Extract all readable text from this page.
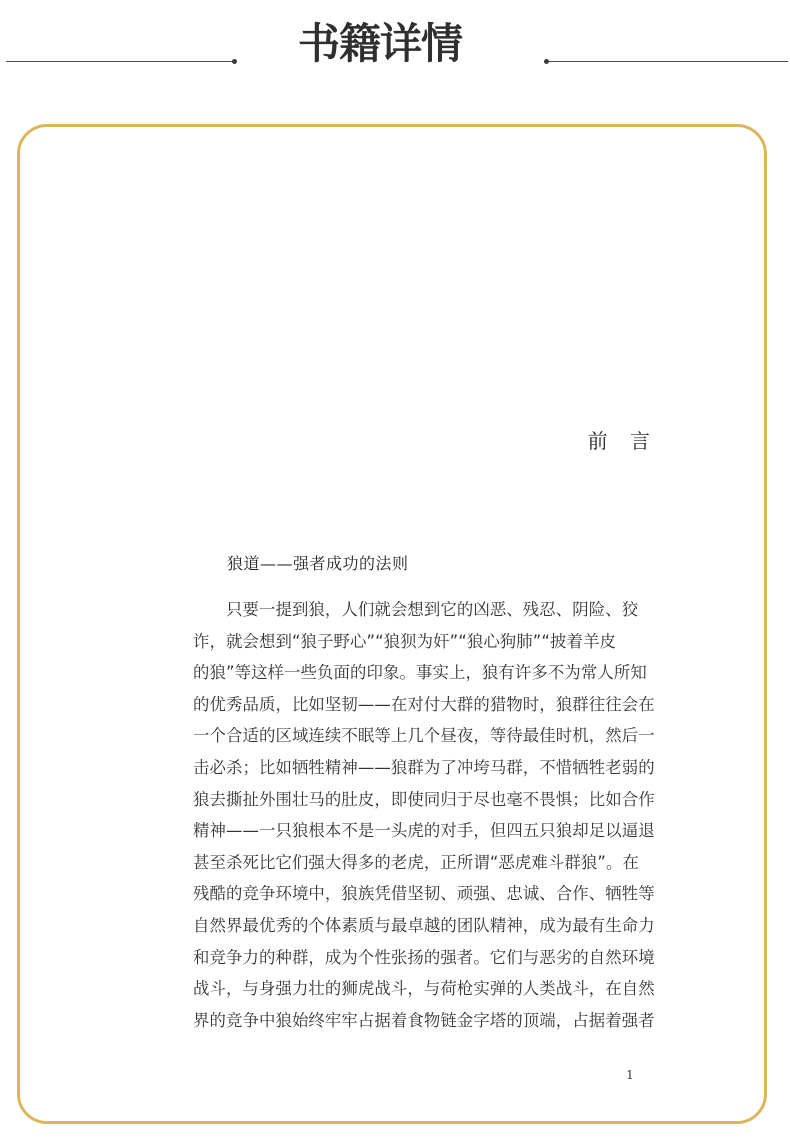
书籍详情
前 言
狼道——强者成功的法则
　　只要一提到狼，人们就会想到它的凶恶、残忍、阴险、狡
诈，就会想到“狼子野心”“狼狈为奸”“狼心狗肺”“披着羊皮
的狼”等这样一些负面的印象。事实上，狼有许多不为常人所知
的优秀品质，比如坚韧——在对付大群的猎物时，狼群往往会在
一个合适的区域连续不眠等上几个昼夜，等待最佳时机，然后一
击必杀；比如牺牲精神——狼群为了冲垮马群，不惜牺牲老弱的
狼去撕扯外围壮马的肚皮，即使同归于尽也毫不畏惧；比如合作
精神——一只狼根本不是一头虎的对手，但四五只狼却足以逼退
甚至杀死比它们强大得多的老虎，正所谓“恶虎难斗群狼”。在
残酷的竞争环境中，狼族凭借坚韧、顽强、忠诚、合作、牺牲等
自然界最优秀的个体素质与最卓越的团队精神，成为最有生命力
和竞争力的种群，成为个性张扬的强者。它们与恶劣的自然环境
战斗，与身强力壮的狮虎战斗，与荷枪实弹的人类战斗，在自然
界的竞争中狼始终牢牢占据着食物链金字塔的顶端，占据着强者
1
